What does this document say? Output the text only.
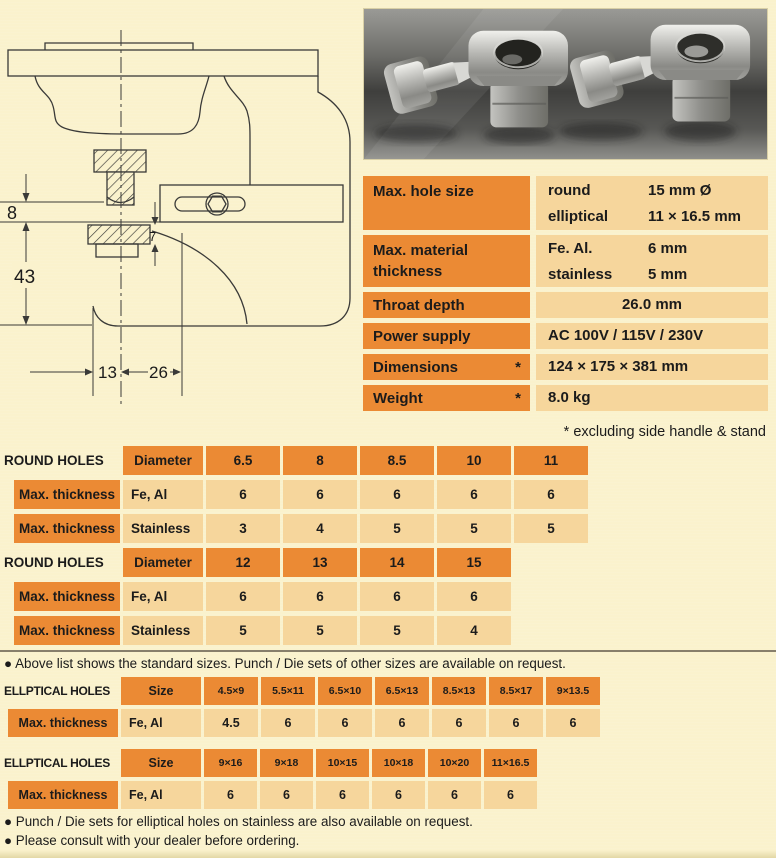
8
43
7
13 26
Max. hole size	round	15 mm Ø
elliptical	11 × 16.5 mm
Max. material thickness
Fe. Al.	6 mm
stainless	5 mm
Throat depth	26.0 mm
Power supply	AC 100V / 115V / 230V
Dimensions	*	124 × 175 × 381 mm
Weight	*	8.0 kg
* excluding side handle & stand
ROUND HOLES	Diameter	6.5	8	8.5	10	11
Max. thickness	Fe, Al	6	6	6	6	6
Max. thickness	Stainless	3	4	5	5	5
ROUND HOLES	Diameter	12	13	14	15
Max. thickness	Fe, Al	6	6	6	6
Max. thickness	Stainless	5	5	5	4
● Above list shows the standard sizes. Punch / Die sets of other sizes are available on request.
ELLPTICAL HOLES	Size	4.5×9	5.5×11	6.5×10	6.5×13	8.5×13	8.5×17	9×13.5
Max. thickness	Fe, Al	4.5	6	6	6	6	6	6
ELLPTICAL HOLES	Size	9×16	9×18	10×15	10×18	10×20	11×16.5
Max. thickness	Fe, Al	6	6	6	6	6	6
● Punch / Die sets for elliptical holes on stainless are also available on request.
● Please consult with your dealer before ordering.
